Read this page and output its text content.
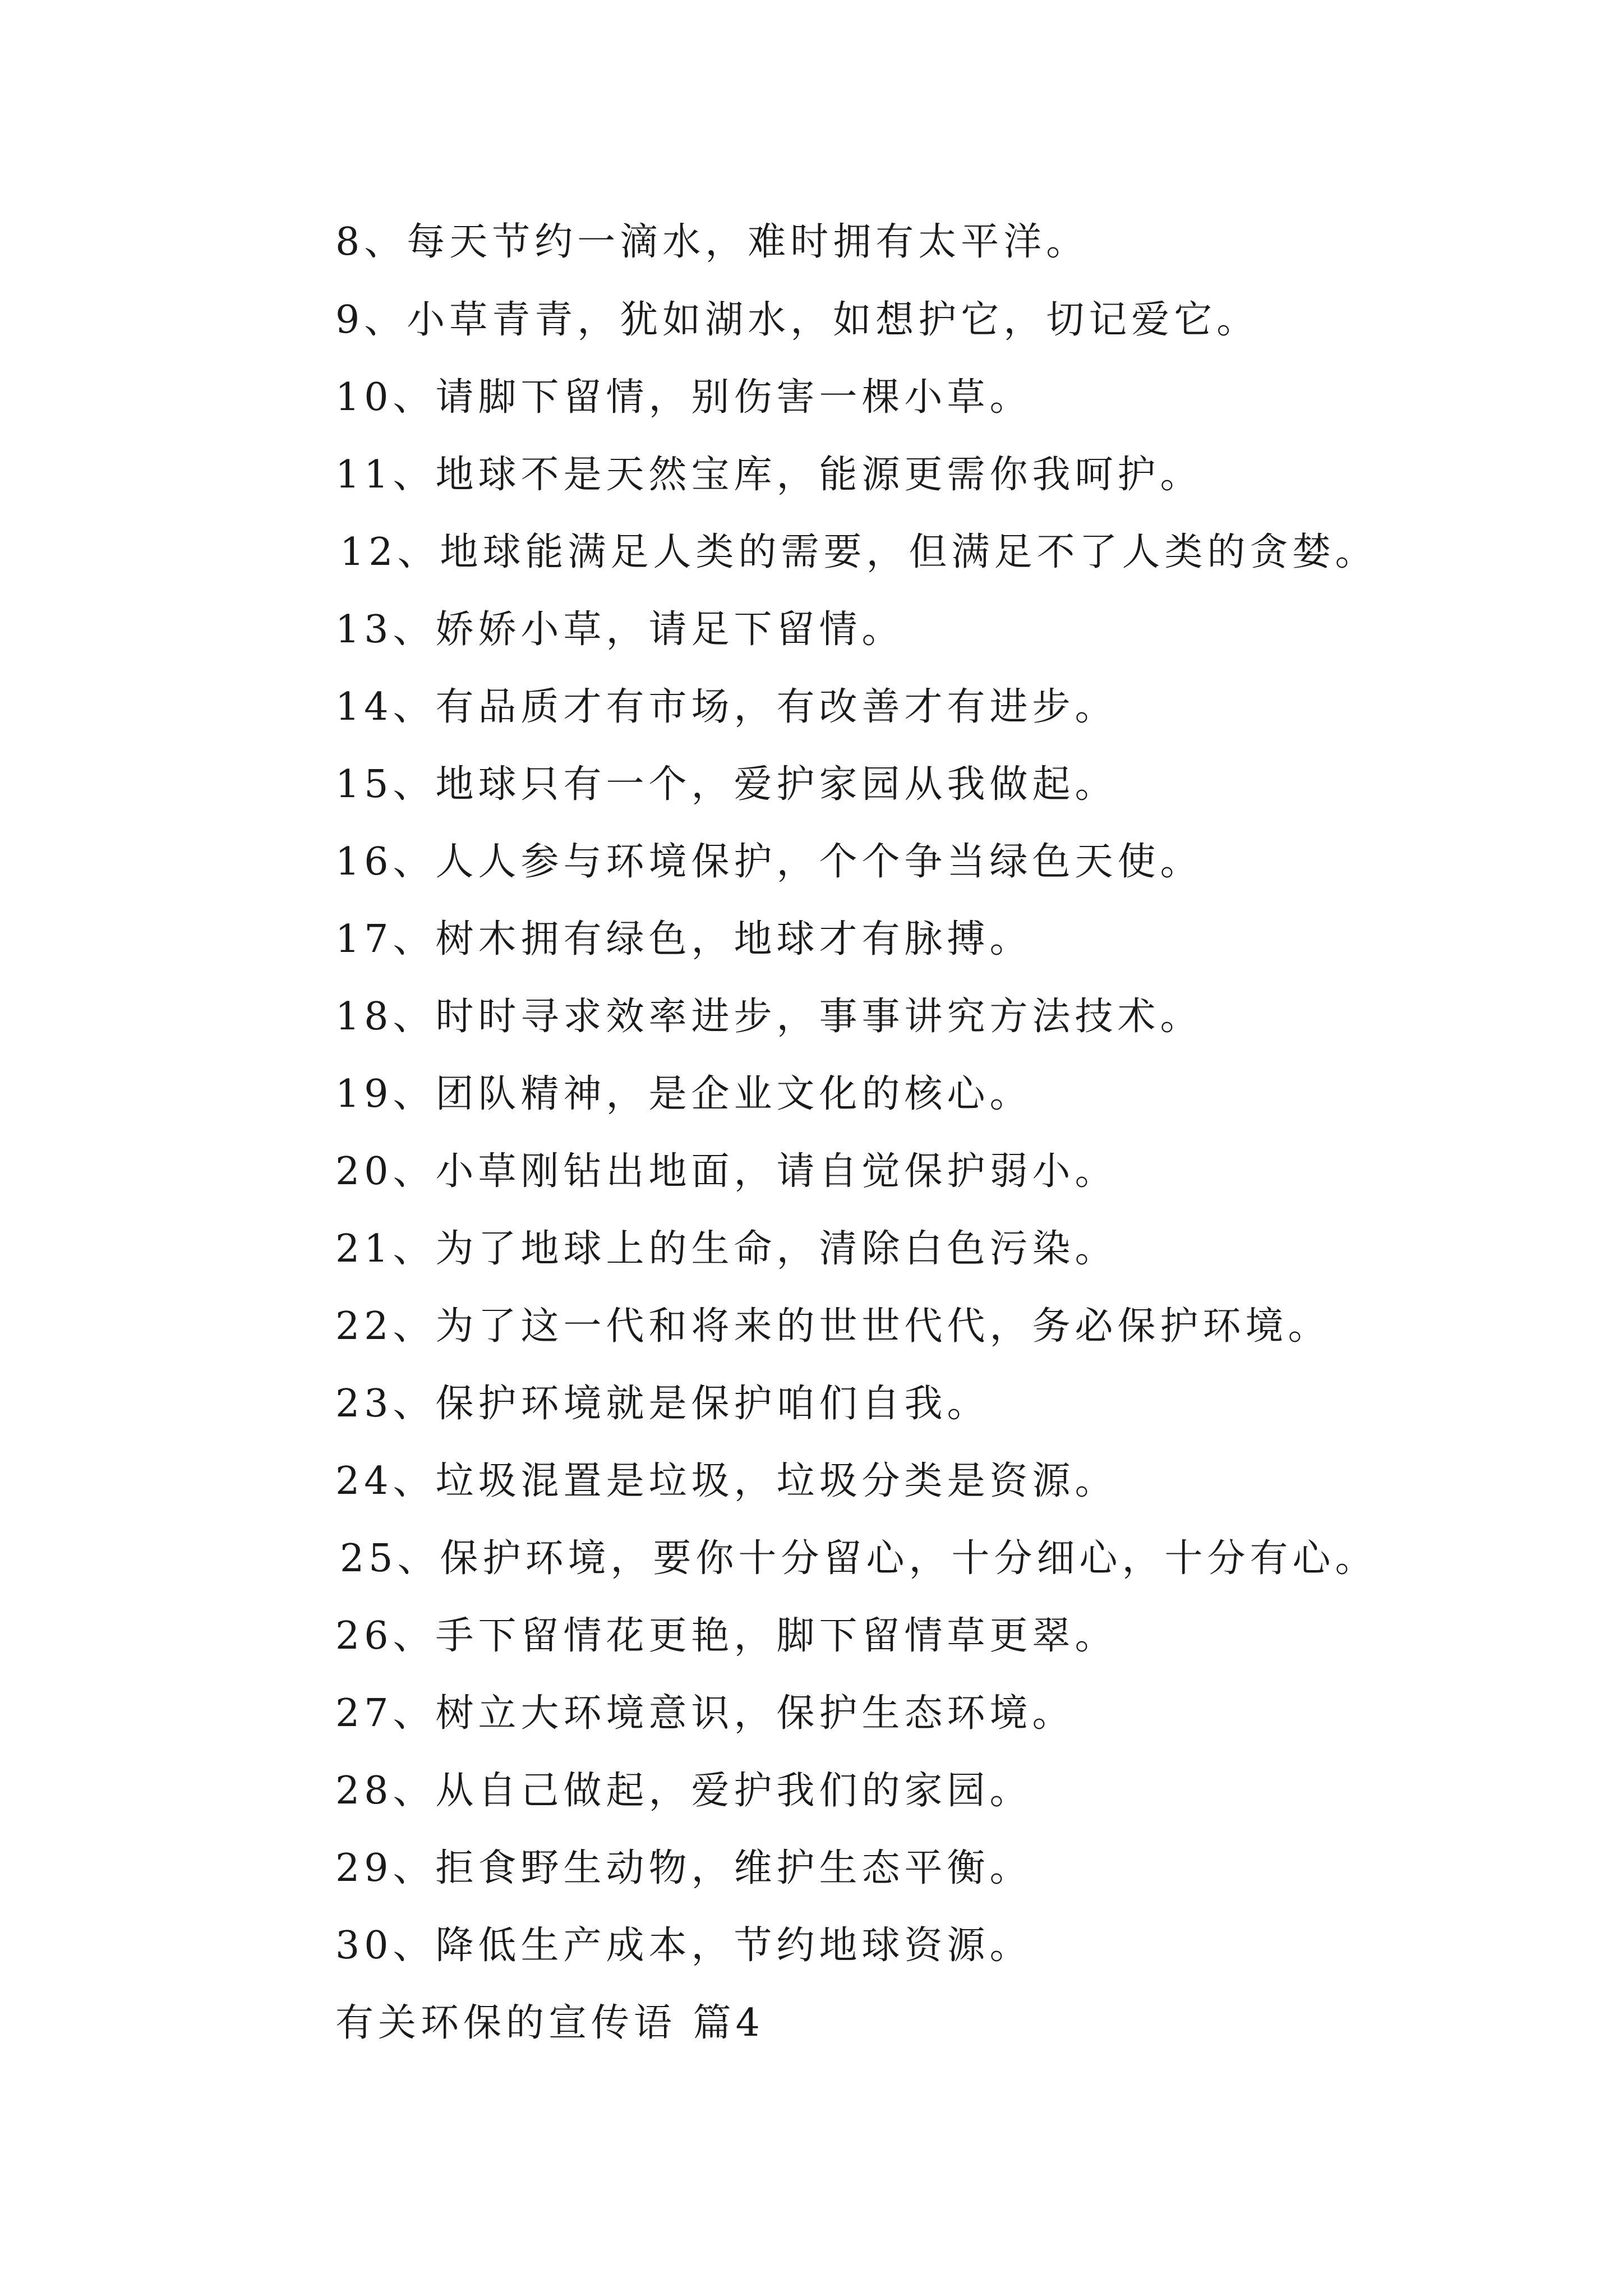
8、每天节约一滴水，难时拥有太平洋。
9、小草青青，犹如湖水，如想护它，切记爱它。
10、请脚下留情，别伤害一棵小草。
11、地球不是天然宝库，能源更需你我呵护。
12、地球能满足人类的需要，但满足不了人类的贪婪。
13、娇娇小草，请足下留情。
14、有品质才有市场，有改善才有进步。
15、地球只有一个，爱护家园从我做起。
16、人人参与环境保护，个个争当绿色天使。
17、树木拥有绿色，地球才有脉搏。
18、时时寻求效率进步，事事讲究方法技术。
19、团队精神，是企业文化的核心。
20、小草刚钻出地面，请自觉保护弱小。
21、为了地球上的生命，清除白色污染。
22、为了这一代和将来的世世代代，务必保护环境。
23、保护环境就是保护咱们自我。
24、垃圾混置是垃圾，垃圾分类是资源。
25、保护环境，要你十分留心，十分细心，十分有心。
26、手下留情花更艳，脚下留情草更翠。
27、树立大环境意识，保护生态环境。
28、从自己做起，爱护我们的家园。
29、拒食野生动物，维护生态平衡。
30、降低生产成本，节约地球资源。
有关环保的宣传语 篇4
